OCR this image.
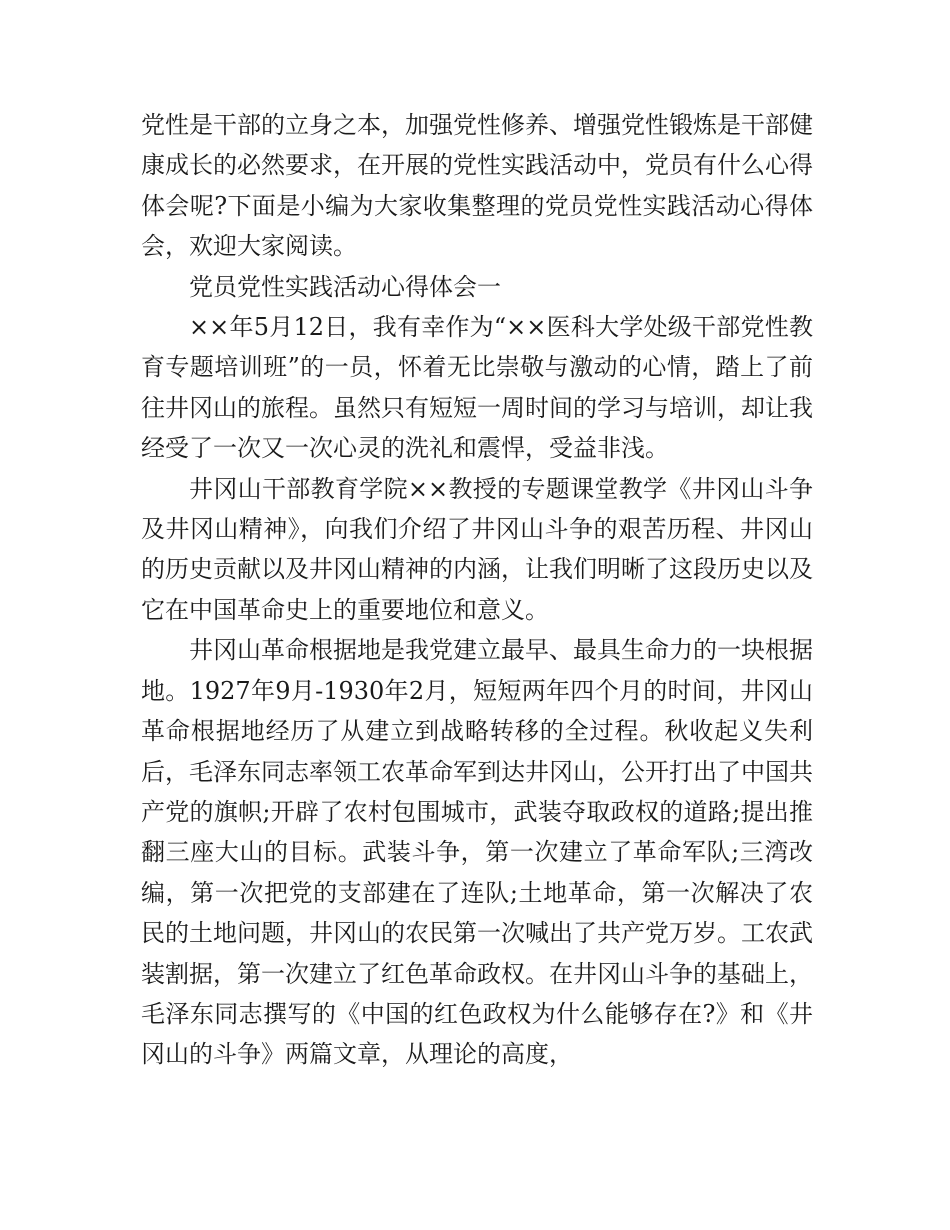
党性是干部的立身之本，加强党性修养、增强党性锻炼是干部健康成长的必然要求，在开展的党性实践活动中，党员有什么心得体会呢?下面是小编为大家收集整理的党员党性实践活动心得体会，欢迎大家阅读。

党员党性实践活动心得体会一

××年5月12日，我有幸作为“××医科大学处级干部党性教育专题培训班”的一员，怀着无比崇敬与激动的心情，踏上了前往井冈山的旅程。虽然只有短短一周时间的学习与培训，却让我经受了一次又一次心灵的洗礼和震悍，受益非浅。

井冈山干部教育学院××教授的专题课堂教学《井冈山斗争及井冈山精神》，向我们介绍了井冈山斗争的艰苦历程、井冈山的历史贡献以及井冈山精神的内涵，让我们明晰了这段历史以及它在中国革命史上的重要地位和意义。

井冈山革命根据地是我党建立最早、最具生命力的一块根据地。1927年9月-1930年2月，短短两年四个月的时间，井冈山革命根据地经历了从建立到战略转移的全过程。秋收起义失利后，毛泽东同志率领工农革命军到达井冈山，公开打出了中国共产党的旗帜;开辟了农村包围城市，武装夺取政权的道路;提出推翻三座大山的目标。武装斗争，第一次建立了革命军队;三湾改编，第一次把党的支部建在了连队;土地革命，第一次解决了农民的土地问题，井冈山的农民第一次喊出了共产党万岁。工农武装割据，第一次建立了红色革命政权。在井冈山斗争的基础上，毛泽东同志撰写的《中国的红色政权为什么能够存在?》和《井冈山的斗争》两篇文章，从理论的高度，
